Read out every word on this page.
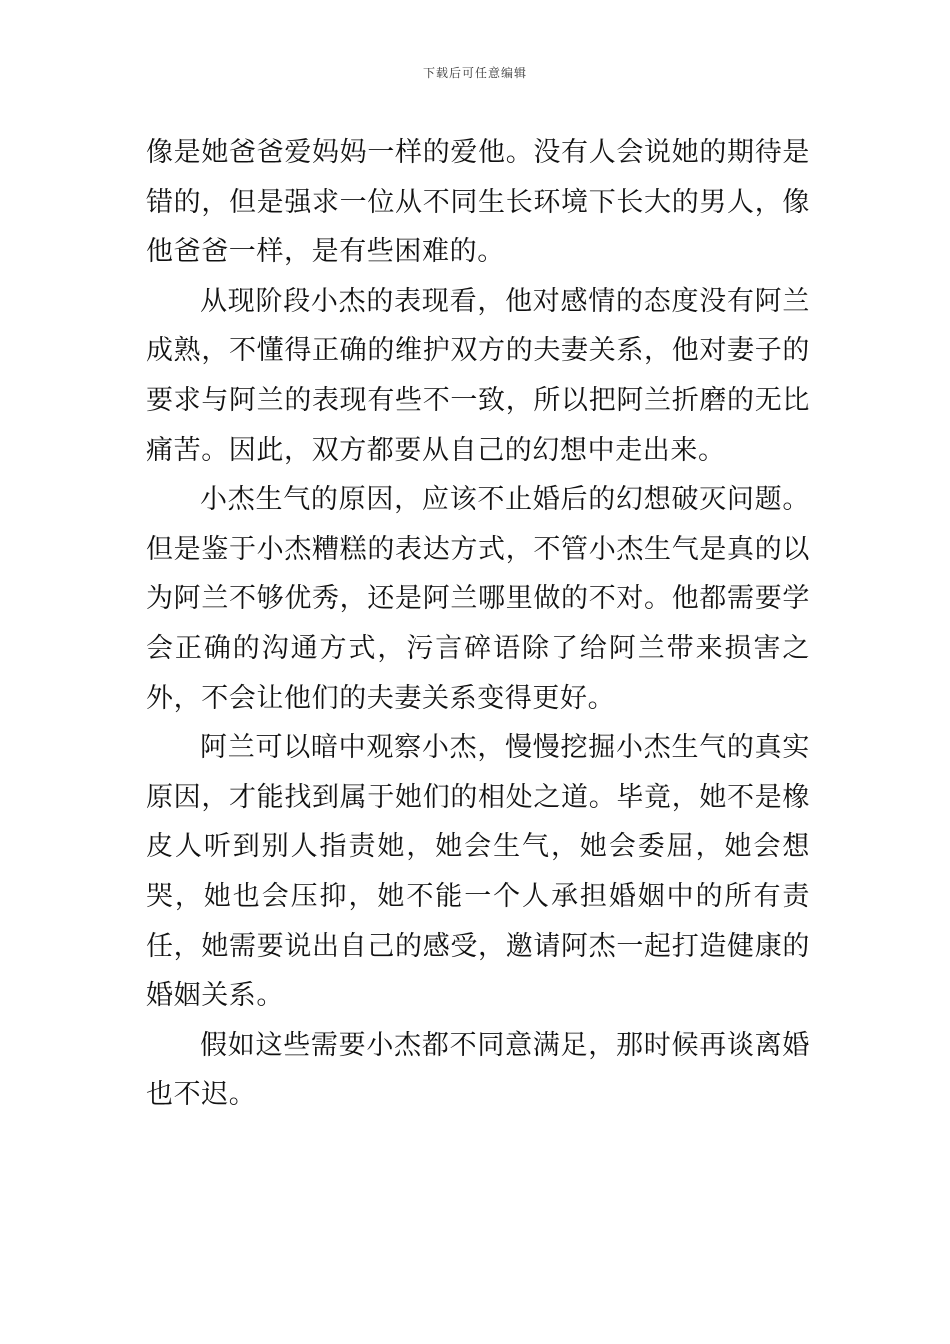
下载后可任意编辑

像是她爸爸爱妈妈一样的爱他。没有人会说她的期待是错的，但是强求一位从不同生长环境下长大的男人，像他爸爸一样，是有些困难的。

从现阶段小杰的表现看，他对感情的态度没有阿兰成熟，不懂得正确的维护双方的夫妻关系，他对妻子的要求与阿兰的表现有些不一致，所以把阿兰折磨的无比痛苦。因此，双方都要从自己的幻想中走出来。

小杰生气的原因，应该不止婚后的幻想破灭问题。但是鉴于小杰糟糕的表达方式，不管小杰生气是真的以为阿兰不够优秀，还是阿兰哪里做的不对。他都需要学会正确的沟通方式，污言碎语除了给阿兰带来损害之外，不会让他们的夫妻关系变得更好。

阿兰可以暗中观察小杰，慢慢挖掘小杰生气的真实原因，才能找到属于她们的相处之道。毕竟，她不是橡皮人听到别人指责她，她会生气，她会委屈，她会想哭，她也会压抑，她不能一个人承担婚姻中的所有责任，她需要说出自己的感受，邀请阿杰一起打造健康的婚姻关系。

假如这些需要小杰都不同意满足，那时候再谈离婚也不迟。
